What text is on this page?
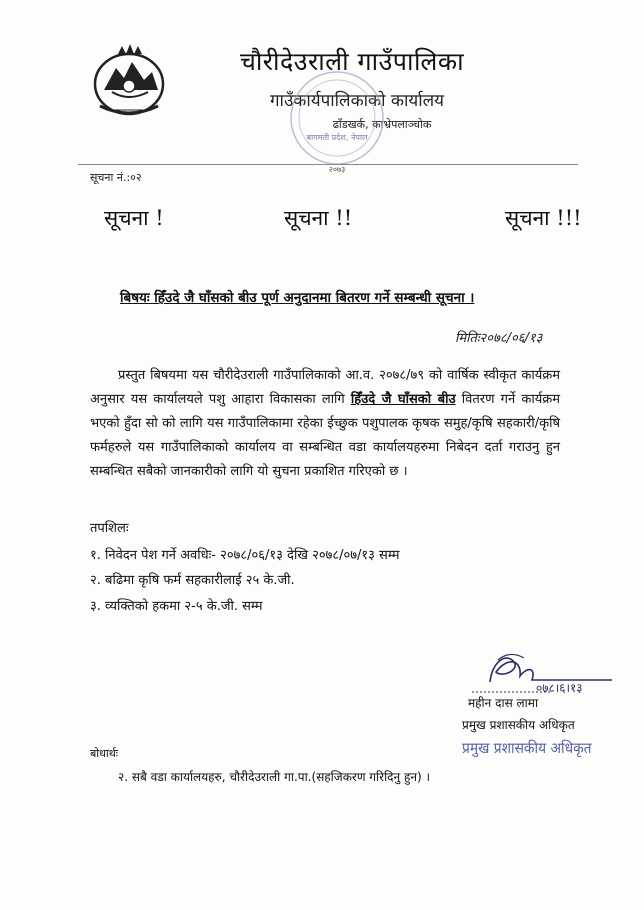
चौरीदेउराली गाउँपालिका
गाउँकार्यपालिकाको कार्यालय
ढाँडखर्क, काभ्रेपलाञ्चोक
बागमती प्रदेश, नेपाल
२०७३
सूचना नं.:०२
सूचना !	सूचना !!	सूचना !!!
बिषयः हिँउदे जै घाँसको बीउ पूर्ण अनुदानमा बितरण गर्ने सम्बन्धी सूचना ।
मितिः२०७८/०६/१३
प्रस्तुत बिषयमा यस चौरीदेउराली गाउँपालिकाको आ.व. २०७८/७९ को वार्षिक स्वीकृत कार्यक्रम अनुसार यस कार्यालयले पशु आहारा विकासका लागि हिँउदे जै घाँसको बीउ वितरण गर्ने कार्यक्रम भएको हुँदा सो को लागि यस गाउँपालिकामा रहेका ईच्छुक पशुपालक कृषक समुह/कृषि सहकारी/कृषि फर्महरुले यस गाउँपालिकाको कार्यालय वा सम्बन्धित वडा कार्यालयहरुमा निबेदन दर्ता गराउनु हुन सम्बन्धित सबैको जानकारीको लागि यो सुचना प्रकाशित गरिएको छ ।
तपशिलः
१. निवेदन पेश गर्ने अवधिः- २०७८/०६/१३ देखि २०७८/०७/१३ सम्म
२. बढिमा कृषि फर्म सहकारीलाई २५ के.जी.
३. व्यक्तिको हकमा २-५ के.जी. सम्म
०७८।६।१३
महीन दास लामा
प्रमुख प्रशासकीय अधिकृत
प्रमुख प्रशासकीय अधिकृत
बोधार्थः
२. सबै वडा कार्यालयहरु, चौरीदेउराली गा.पा.(सहजिकरण गरिदिनु हुन) ।
